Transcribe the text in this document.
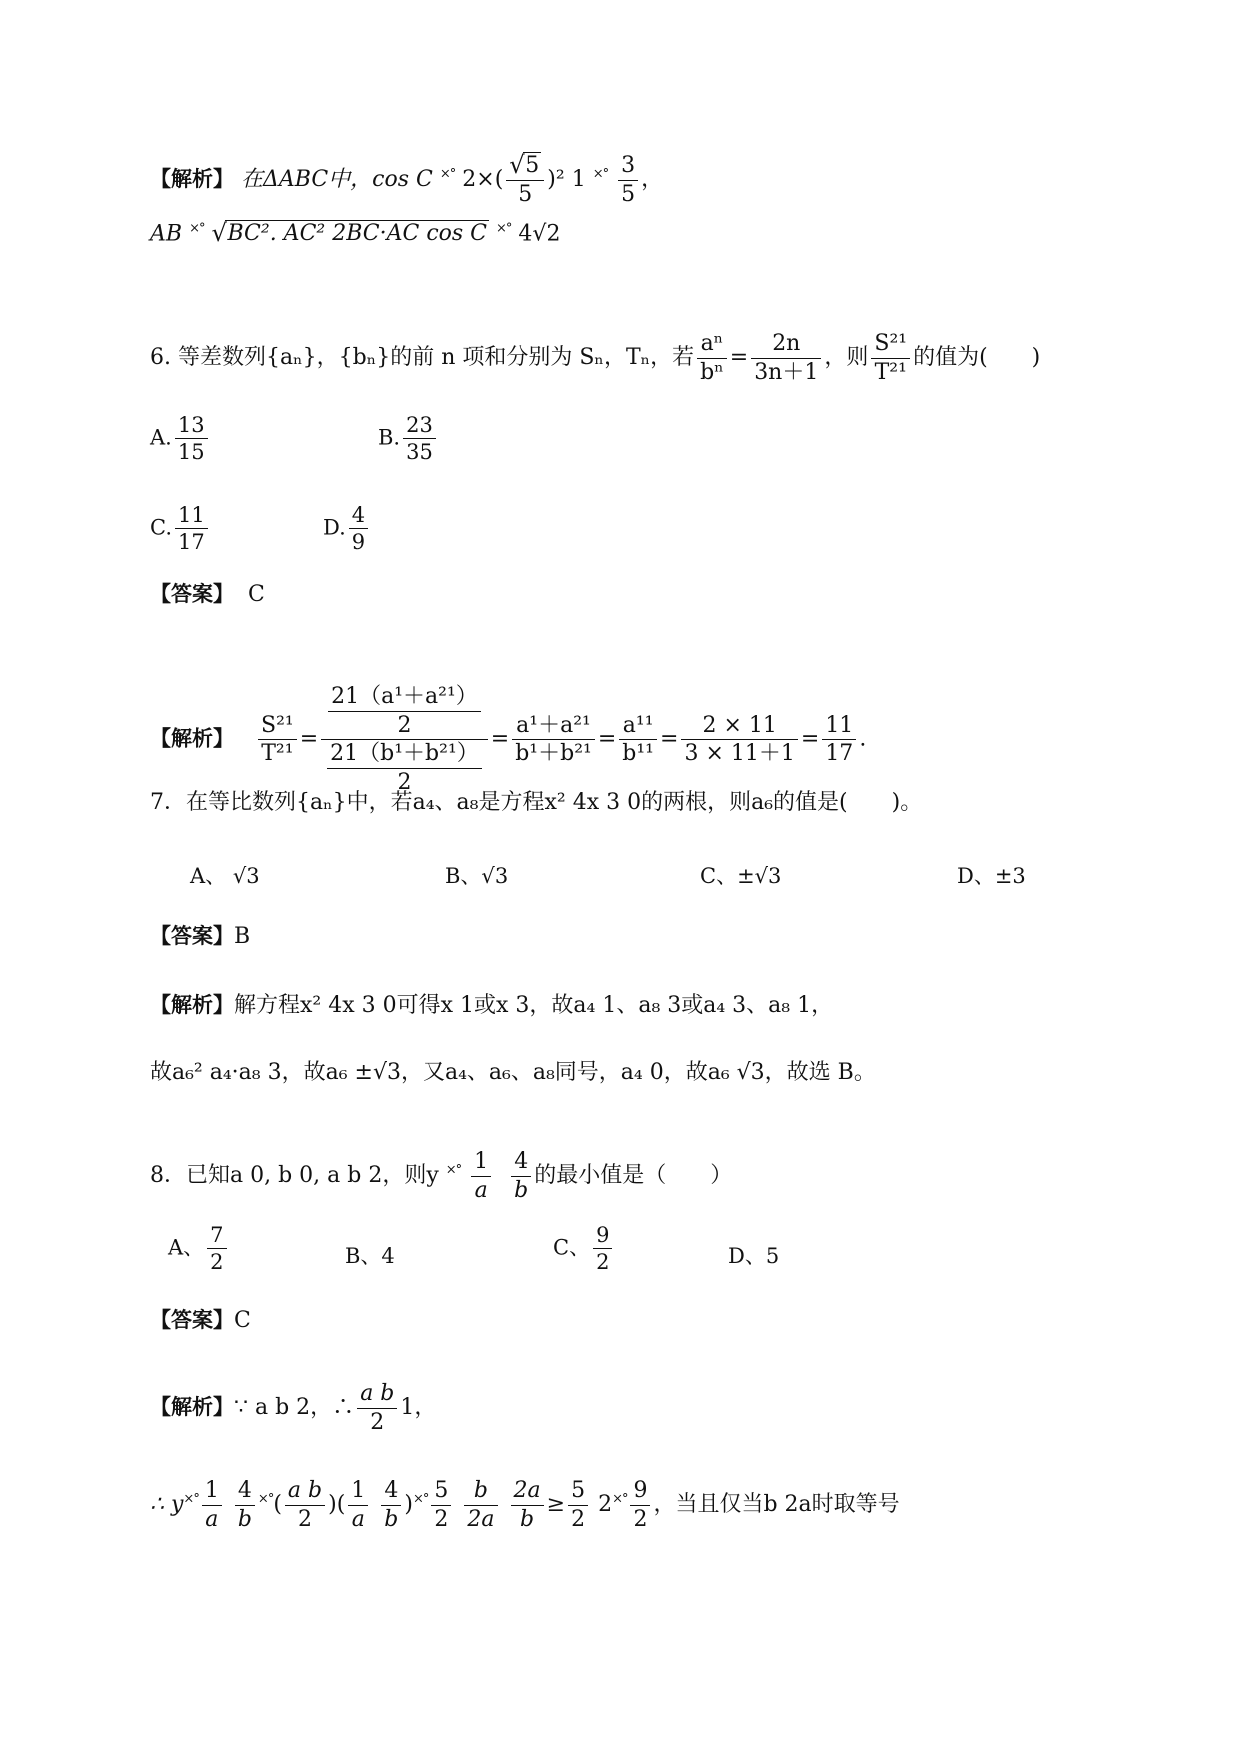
【解析】 在ΔABC中，cos C ×° 2×( √ $\frac{5}{5} )^2$ 1 $^{\times^\circ} \frac{3}{5}$ ，
AB ×° √ BC². AC² 2BC·AC cos C ×° 4√2
6. 等差数列{aₙ}，{bₙ}的前 n 项和分别为 Sₙ，Tₙ，若 $\frac{\text{aⁿ}}{\text{bⁿ}} = \frac{2n}{3n+1}$ ，则 $\frac{\text{S²¹}}{\text{T²¹}}$ 的值为(　　)
A. $\frac{13}{15}$	B. $\frac{23}{35}$
C. $\frac{11}{17}$	D. $\frac{4}{9}$
【答案】 C
【解析】 $\frac{\text{S²¹}}{\text{T²¹}} = \frac{\frac{\text{21（a¹＋a²¹）}}{2}}{\frac{\text{21（b¹＋b²¹）}}{2}} = \frac{\text{a¹＋a²¹}}{\text{b¹＋b²¹}} = \frac{\text{a¹¹}}{\text{b¹¹}} = \frac{2 \times 11}{3 \times 11+1} = \frac{11}{17}$ .
7．在等比数列{aₙ}中，若a₄、a₈是方程x² 4x 3 0的两根，则a₆的值是(　　)。
A、 √3	B、√3	C、±√3	D、±3
【答案】B
【解析】解方程x² 4x 3 0可得x 1或x 3，故a₄ 1、a₈ 3或a₄ 3、a₈ 1，
故a₆² a₄·a₈ 3，故a₆ ±√3，又a₄、a₆、a₈同号，a₄ 0，故a₆ √3，故选 B。
8．已知a 0, b 0, a b 2，则y $^{\times^\circ} \frac{1}{a} \frac{4}{b}$ 的最小值是（　　）
A、 $\frac{7}{2}$	B、4	C、 $\frac{9}{2}$	D、5
【答案】C
【解析】∵ a b 2，∴ $\frac{\text{a b}}{2} 1$，
∴ $y^{\times^\circ} \frac{1}{a}$
$\frac{4}{b} ^{\times^\circ}( \frac{\text{a b}}{2}$ )( $\frac{1}{a}$
$\frac{4}{b} )^{\times^\circ} \frac{5}{2}$
$\frac{b}{2a}$
$\frac{2a}{b} \ge \frac{5}{2} 2^{\times^\circ} \frac{9}{2}$ ，当且仅当b 2a时取等号
